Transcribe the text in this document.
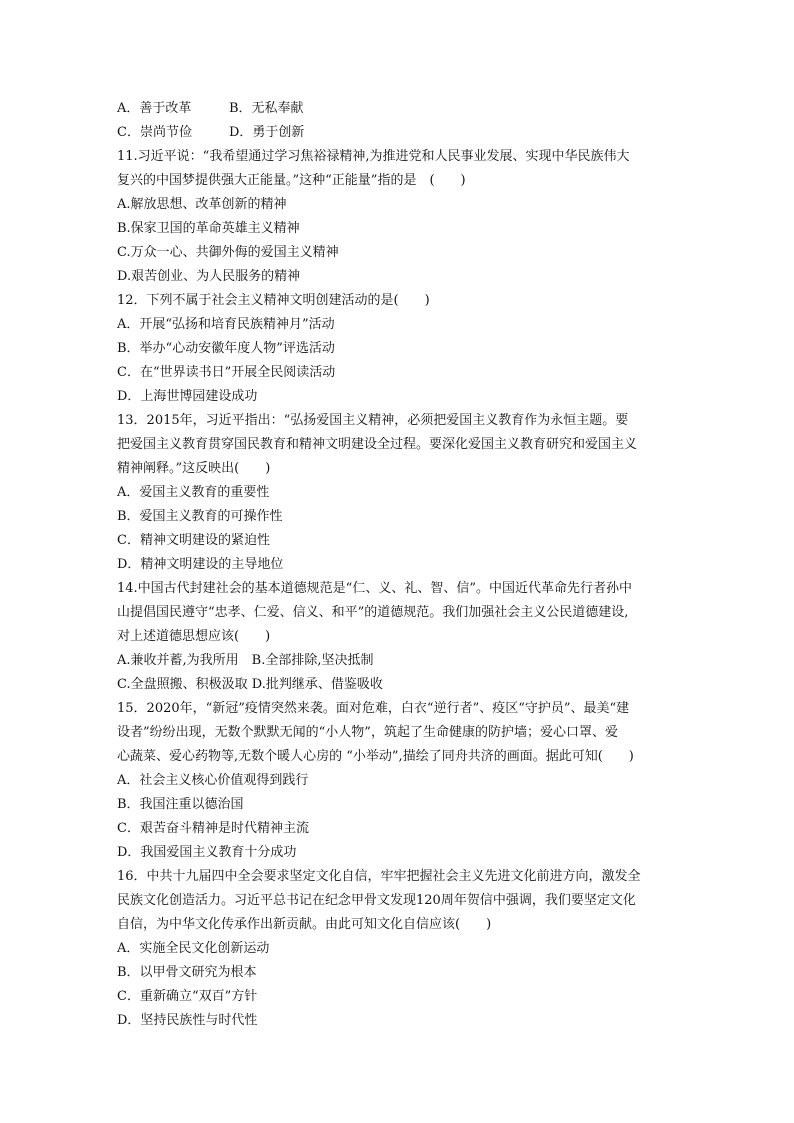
A．善于改革	B．无私奉献
C．崇尚节俭	D．勇于创新
11.习近平说：“我希望通过学习焦裕禄精神,为推进党和人民事业发展、实现中华民族伟大
复兴的中国梦提供强大正能量。”这种“正能量”指的是　(　　)
A.解放思想、改革创新的精神
B.保家卫国的革命英雄主义精神
C.万众一心、共御外侮的爱国主义精神
D.艰苦创业、为人民服务的精神
12．下列不属于社会主义精神文明创建活动的是(　　)
A．开展“弘扬和培育民族精神月”活动
B．举办“心动安徽年度人物”评选活动
C．在“世界读书日”开展全民阅读活动
D．上海世博园建设成功
13．2015年，习近平指出：“弘扬爱国主义精神，必须把爱国主义教育作为永恒主题。要
把爱国主义教育贯穿国民教育和精神文明建设全过程。要深化爱国主义教育研究和爱国主义
精神阐释。”这反映出(　　)
A．爱国主义教育的重要性
B．爱国主义教育的可操作性
C．精神文明建设的紧迫性
D．精神文明建设的主导地位
14.中国古代封建社会的基本道德规范是“仁、义、礼、智、信”。中国近代革命先行者孙中
山提倡国民遵守“忠孝、仁爱、信义、和平”的道德规范。我们加强社会主义公民道德建设,
对上述道德思想应该(　　)
A.兼收并蓄,为我所用　 B.全部排除,坚决抵制
C.全盘照搬、积极汲取 D.批判继承、借鉴吸收
15．2020年，“新冠”疫情突然来袭。面对危难，白衣“逆行者”、疫区“守护员”、最美“建
设者”纷纷出现，无数个默默无闻的“小人物”，筑起了生命健康的防护墙；爱心口罩、爱
心蔬菜、爱心药物等,无数个暖人心房的 “小举动”,描绘了同舟共济的画面。据此可知(　　)
A．社会主义核心价值观得到践行
B．我国注重以德治国
C．艰苦奋斗精神是时代精神主流
D．我国爱国主义教育十分成功
16．中共十九届四中全会要求坚定文化自信，牢牢把握社会主义先进文化前进方向，激发全
民族文化创造活力。习近平总书记在纪念甲骨文发现120周年贺信中强调，我们要坚定文化
自信，为中华文化传承作出新贡献。由此可知文化自信应该(　　)
A．实施全民文化创新运动
B．以甲骨文研究为根本
C．重新确立“双百”方针
D．坚持民族性与时代性
